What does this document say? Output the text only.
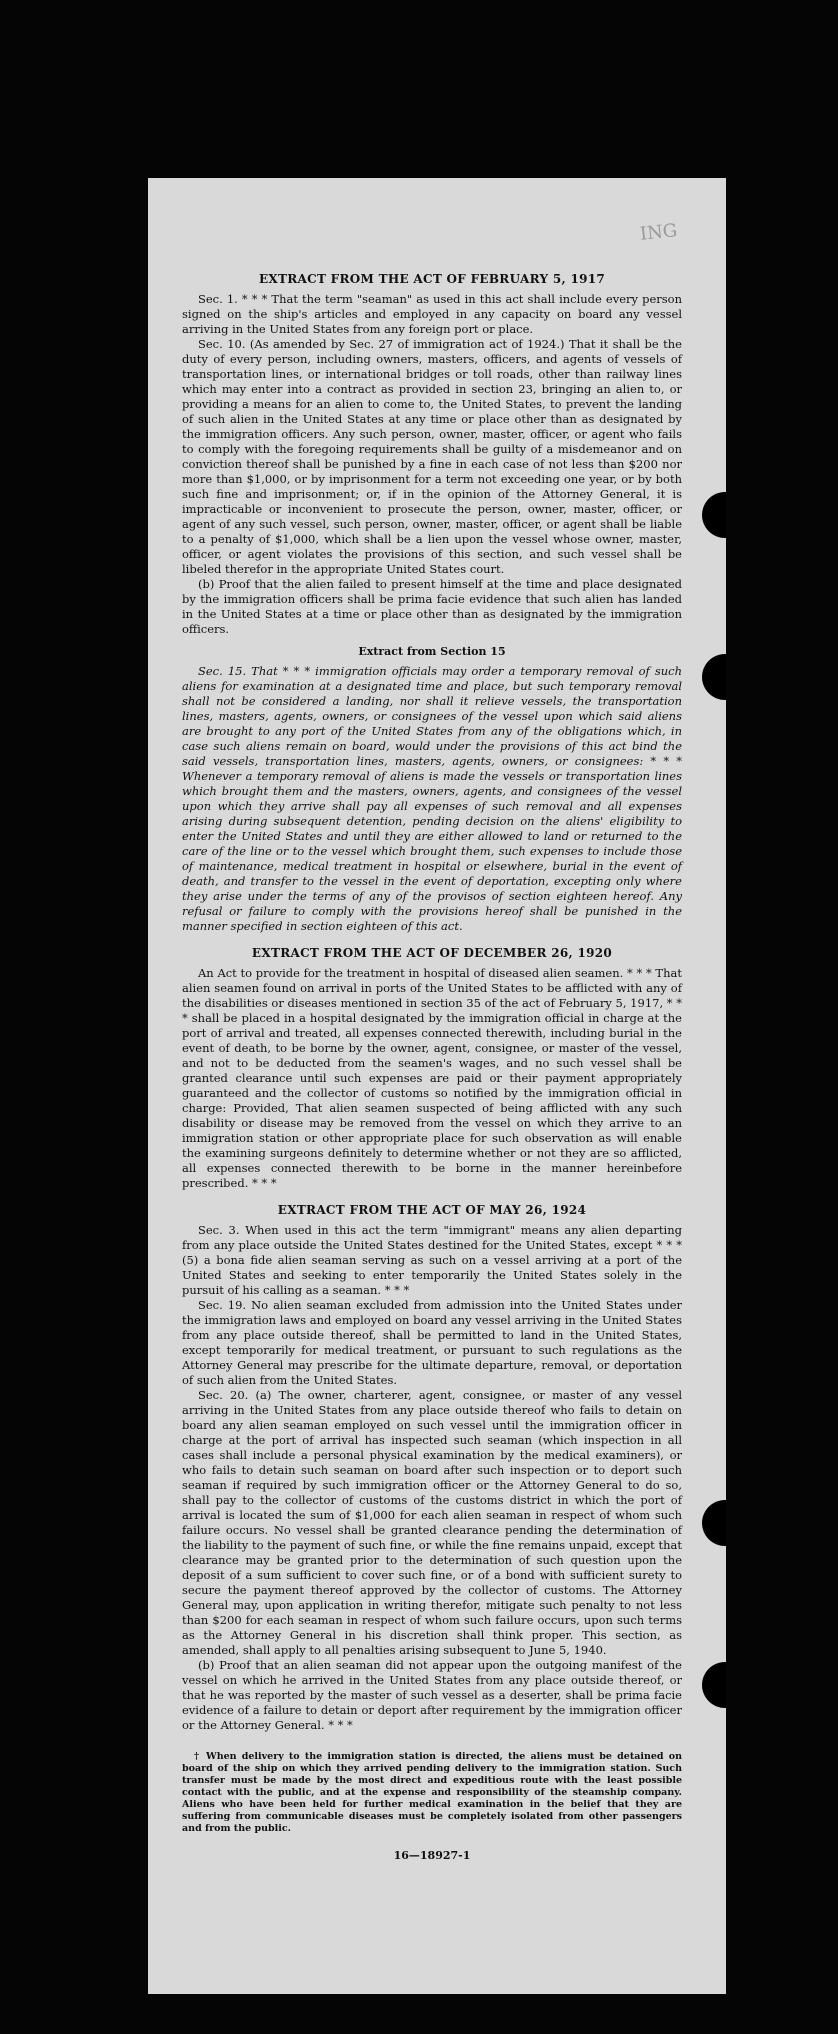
ING
EXTRACT FROM THE ACT OF FEBRUARY 5, 1917

Sec. 1. * * * That the term "seaman" as used in this act shall include every person signed on the ship's articles and employed in any capacity on board any vessel arriving in the United States from any foreign port or place.

Sec. 10. (As amended by Sec. 27 of immigration act of 1924.) That it shall be the duty of every person, including owners, masters, officers, and agents of vessels of transportation lines, or international bridges or toll roads, other than railway lines which may enter into a contract as provided in section 23, bringing an alien to, or providing a means for an alien to come to, the United States, to prevent the landing of such alien in the United States at any time or place other than as designated by the immigration officers. Any such person, owner, master, officer, or agent who fails to comply with the foregoing requirements shall be guilty of a misdemeanor and on conviction thereof shall be punished by a fine in each case of not less than $200 nor more than $1,000, or by imprisonment for a term not exceeding one year, or by both such fine and imprisonment; or, if in the opinion of the Attorney General, it is impracticable or inconvenient to prosecute the person, owner, master, officer, or agent of any such vessel, such person, owner, master, officer, or agent shall be liable to a penalty of $1,000, which shall be a lien upon the vessel whose owner, master, officer, or agent violates the provisions of this section, and such vessel shall be libeled therefor in the appropriate United States court.

(b) Proof that the alien failed to present himself at the time and place designated by the immigration officers shall be prima facie evidence that such alien has landed in the United States at a time or place other than as designated by the immigration officers.

Extract from Section 15

Sec. 15. That * * * immigration officials may order a temporary removal of such aliens for examination at a designated time and place, but such temporary removal shall not be considered a landing, nor shall it relieve vessels, the transportation lines, masters, agents, owners, or consignees of the vessel upon which said aliens are brought to any port of the United States from any of the obligations which, in case such aliens remain on board, would under the provisions of this act bind the said vessels, transportation lines, masters, agents, owners, or consignees: * * * Whenever a temporary removal of aliens is made the vessels or transportation lines which brought them and the masters, owners, agents, and consignees of the vessel upon which they arrive shall pay all expenses of such removal and all expenses arising during subsequent detention, pending decision on the aliens' eligibility to enter the United States and until they are either allowed to land or returned to the care of the line or to the vessel which brought them, such expenses to include those of maintenance, medical treatment in hospital or elsewhere, burial in the event of death, and transfer to the vessel in the event of deportation, excepting only where they arise under the terms of any of the provisos of section eighteen hereof. Any refusal or failure to comply with the provisions hereof shall be punished in the manner specified in section eighteen of this act.

EXTRACT FROM THE ACT OF DECEMBER 26, 1920

An Act to provide for the treatment in hospital of diseased alien seamen. * * * That alien seamen found on arrival in ports of the United States to be afflicted with any of the disabilities or diseases mentioned in section 35 of the act of February 5, 1917, * * * shall be placed in a hospital designated by the immigration official in charge at the port of arrival and treated, all expenses connected therewith, including burial in the event of death, to be borne by the owner, agent, consignee, or master of the vessel, and not to be deducted from the seamen's wages, and no such vessel shall be granted clearance until such expenses are paid or their payment appropriately guaranteed and the collector of customs so notified by the immigration official in charge: Provided, That alien seamen suspected of being afflicted with any such disability or disease may be removed from the vessel on which they arrive to an immigration station or other appropriate place for such observation as will enable the examining surgeons definitely to determine whether or not they are so afflicted, all expenses connected therewith to be borne in the manner hereinbefore prescribed. * * *

EXTRACT FROM THE ACT OF MAY 26, 1924

Sec. 3. When used in this act the term "immigrant" means any alien departing from any place outside the United States destined for the United States, except * * * (5) a bona fide alien seaman serving as such on a vessel arriving at a port of the United States and seeking to enter temporarily the United States solely in the pursuit of his calling as a seaman. * * *

Sec. 19. No alien seaman excluded from admission into the United States under the immigration laws and employed on board any vessel arriving in the United States from any place outside thereof, shall be permitted to land in the United States, except temporarily for medical treatment, or pursuant to such regulations as the Attorney General may prescribe for the ultimate departure, removal, or deportation of such alien from the United States.

Sec. 20. (a) The owner, charterer, agent, consignee, or master of any vessel arriving in the United States from any place outside thereof who fails to detain on board any alien seaman employed on such vessel until the immigration officer in charge at the port of arrival has inspected such seaman (which inspection in all cases shall include a personal physical examination by the medical examiners), or who fails to detain such seaman on board after such inspection or to deport such seaman if required by such immigration officer or the Attorney General to do so, shall pay to the collector of customs of the customs district in which the port of arrival is located the sum of $1,000 for each alien seaman in respect of whom such failure occurs. No vessel shall be granted clearance pending the determination of the liability to the payment of such fine, or while the fine remains unpaid, except that clearance may be granted prior to the determination of such question upon the deposit of a sum sufficient to cover such fine, or of a bond with sufficient surety to secure the payment thereof approved by the collector of customs. The Attorney General may, upon application in writing therefor, mitigate such penalty to not less than $200 for each seaman in respect of whom such failure occurs, upon such terms as the Attorney General in his discretion shall think proper. This section, as amended, shall apply to all penalties arising subsequent to June 5, 1940.

(b) Proof that an alien seaman did not appear upon the outgoing manifest of the vessel on which he arrived in the United States from any place outside thereof, or that he was reported by the master of such vessel as a deserter, shall be prima facie evidence of a failure to detain or deport after requirement by the immigration officer or the Attorney General. * * *

† When delivery to the immigration station is directed, the aliens must be detained on board of the ship on which they arrived pending delivery to the immigration station. Such transfer must be made by the most direct and expeditious route with the least possible contact with the public, and at the expense and responsibility of the steamship company. Aliens who have been held for further medical examination in the belief that they are suffering from communicable diseases must be completely isolated from other passengers and from the public.

16—18927-1
